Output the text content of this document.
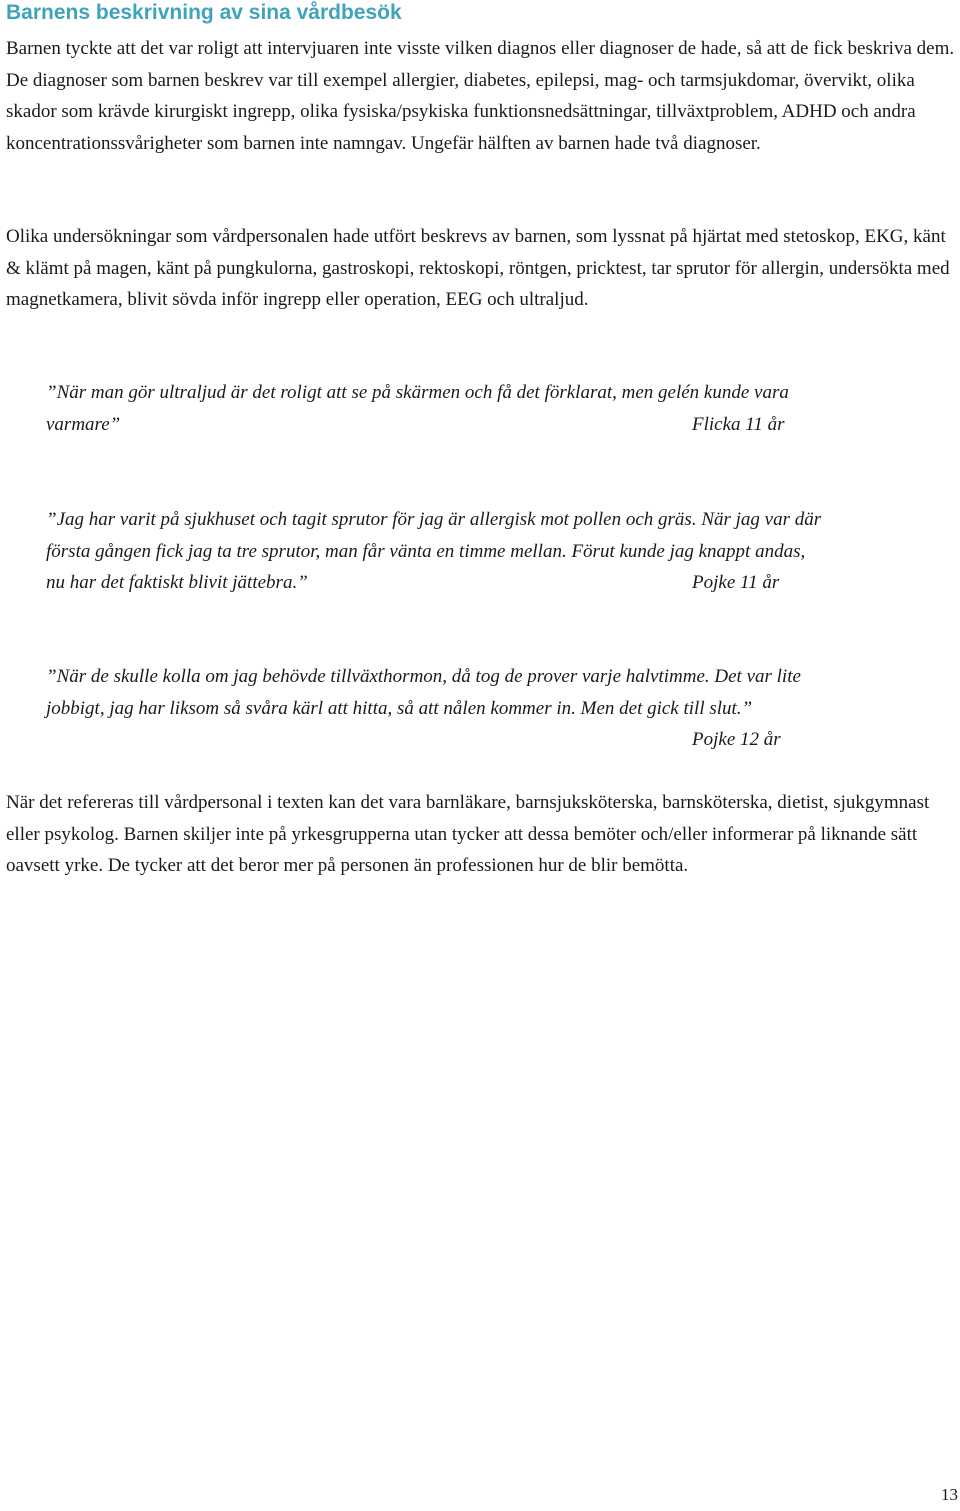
Barnens beskrivning av sina vårdbesök

Barnen tyckte att det var roligt att intervjuaren inte visste vilken diagnos eller diagnoser de hade, så att de fick beskriva dem. De diagnoser som barnen beskrev var till exempel allergier, diabetes, epilepsi, mag- och tarmsjukdomar, övervikt, olika skador som krävde kirurgiskt ingrepp, olika fysiska/psykiska funktionsnedsättningar, tillväxtproblem, ADHD och andra koncentrationssvårigheter som barnen inte namngav. Ungefär hälften av barnen hade två diagnoser.

Olika undersökningar som vårdpersonalen hade utfört beskrevs av barnen, som lyssnat på hjärtat med stetoskop, EKG, känt & klämt på magen, känt på pungkulorna, gastroskopi, rektoskopi, röntgen, pricktest, tar sprutor för allergin, undersökta med magnetkamera, blivit sövda inför ingrepp eller operation, EEG och ultraljud.

”När man gör ultraljud är det roligt att se på skärmen och få det förklarat, men gelén kunde vara
varmare”	Flicka 11 år
”Jag har varit på sjukhuset och tagit sprutor för jag är allergisk mot pollen och gräs. När jag var där
första gången fick jag ta tre sprutor, man får vänta en timme mellan. Förut kunde jag knappt andas,
nu har det faktiskt blivit jättebra.”	Pojke 11 år
”När de skulle kolla om jag behövde tillväxthormon, då tog de prover varje halvtimme. Det var lite
jobbigt, jag har liksom så svåra kärl att hitta, så att nålen kommer in. Men det gick till slut.”
Pojke 12 år

När det refereras till vårdpersonal i texten kan det vara barnläkare, barnsjuksköterska, barnsköterska, dietist, sjukgymnast eller psykolog. Barnen skiljer inte på yrkesgrupperna utan tycker att dessa bemöter och/eller informerar på liknande sätt oavsett yrke. De tycker att det beror mer på personen än professionen hur de blir bemötta.

13
